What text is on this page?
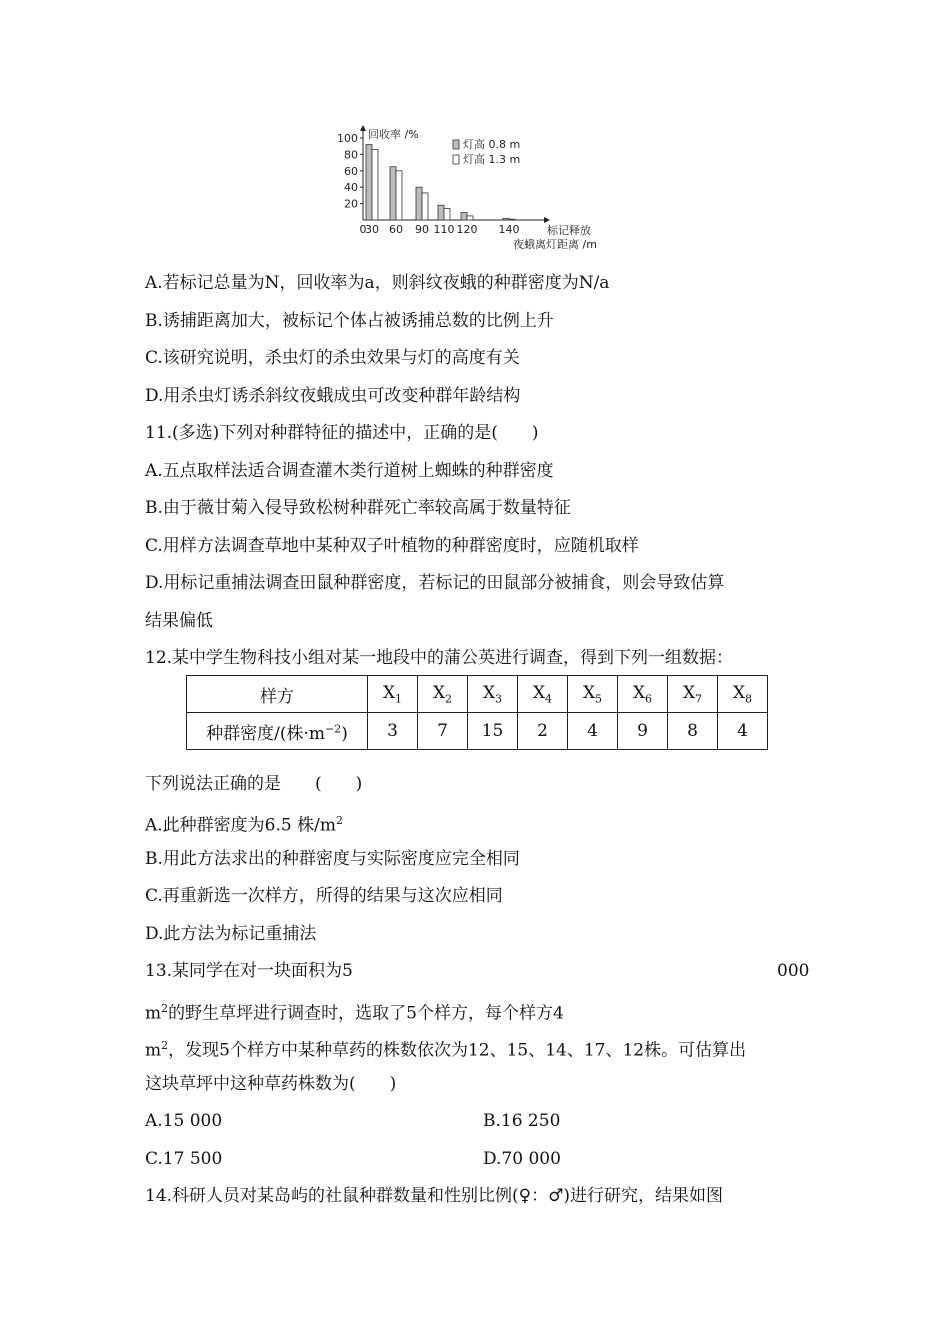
回收率 /%
100
80
60
40
20
0
30 60 90 110 120 140
灯高 0.8 m
灯高 1.3 m
标记释放
夜蛾离灯距离 /m
A.若标记总量为N，回收率为a，则斜纹夜蛾的种群密度为N/a
B.诱捕距离加大，被标记个体占被诱捕总数的比例上升
C.该研究说明，杀虫灯的杀虫效果与灯的高度有关
D.用杀虫灯诱杀斜纹夜蛾成虫可改变种群年龄结构
11.(多选)下列对种群特征的描述中，正确的是(　　)
A.五点取样法适合调查灌木类行道树上蜘蛛的种群密度
B.由于薇甘菊入侵导致松树种群死亡率较高属于数量特征
C.用样方法调查草地中某种双子叶植物的种群密度时，应随机取样
D.用标记重捕法调查田鼠种群密度，若标记的田鼠部分被捕食，则会导致估算
结果偏低
12.某中学生物科技小组对某一地段中的蒲公英进行调查，得到下列一组数据：
样方	$X_1$	$X_2$	$X_3$	$X_4$	$X_5$	$X_6$	$X_7$	$X_8$
种群密度/(株$\cdot m^{-2}$)	3	7	15	2	4	9	8	4
下列说法正确的是　　(　　)
A.此种群密度为6.5 株$/m^2$
B.用此方法求出的种群密度与实际密度应完全相同
C.再重新选一次样方，所得的结果与这次应相同
D.此方法为标记重捕法
13.某同学在对一块面积为5	000
$m^2$的野生草坪进行调查时，选取了5个样方，每个样方4
$m^2$，发现5个样方中某种草药的株数依次为12、15、14、17、12株。可估算出
这块草坪中这种草药株数为(　　)
A.15 000	B.16 250
C.17 500	D.70 000
14.科研人员对某岛屿的社鼠种群数量和性别比例(♀：♂)进行研究，结果如图
